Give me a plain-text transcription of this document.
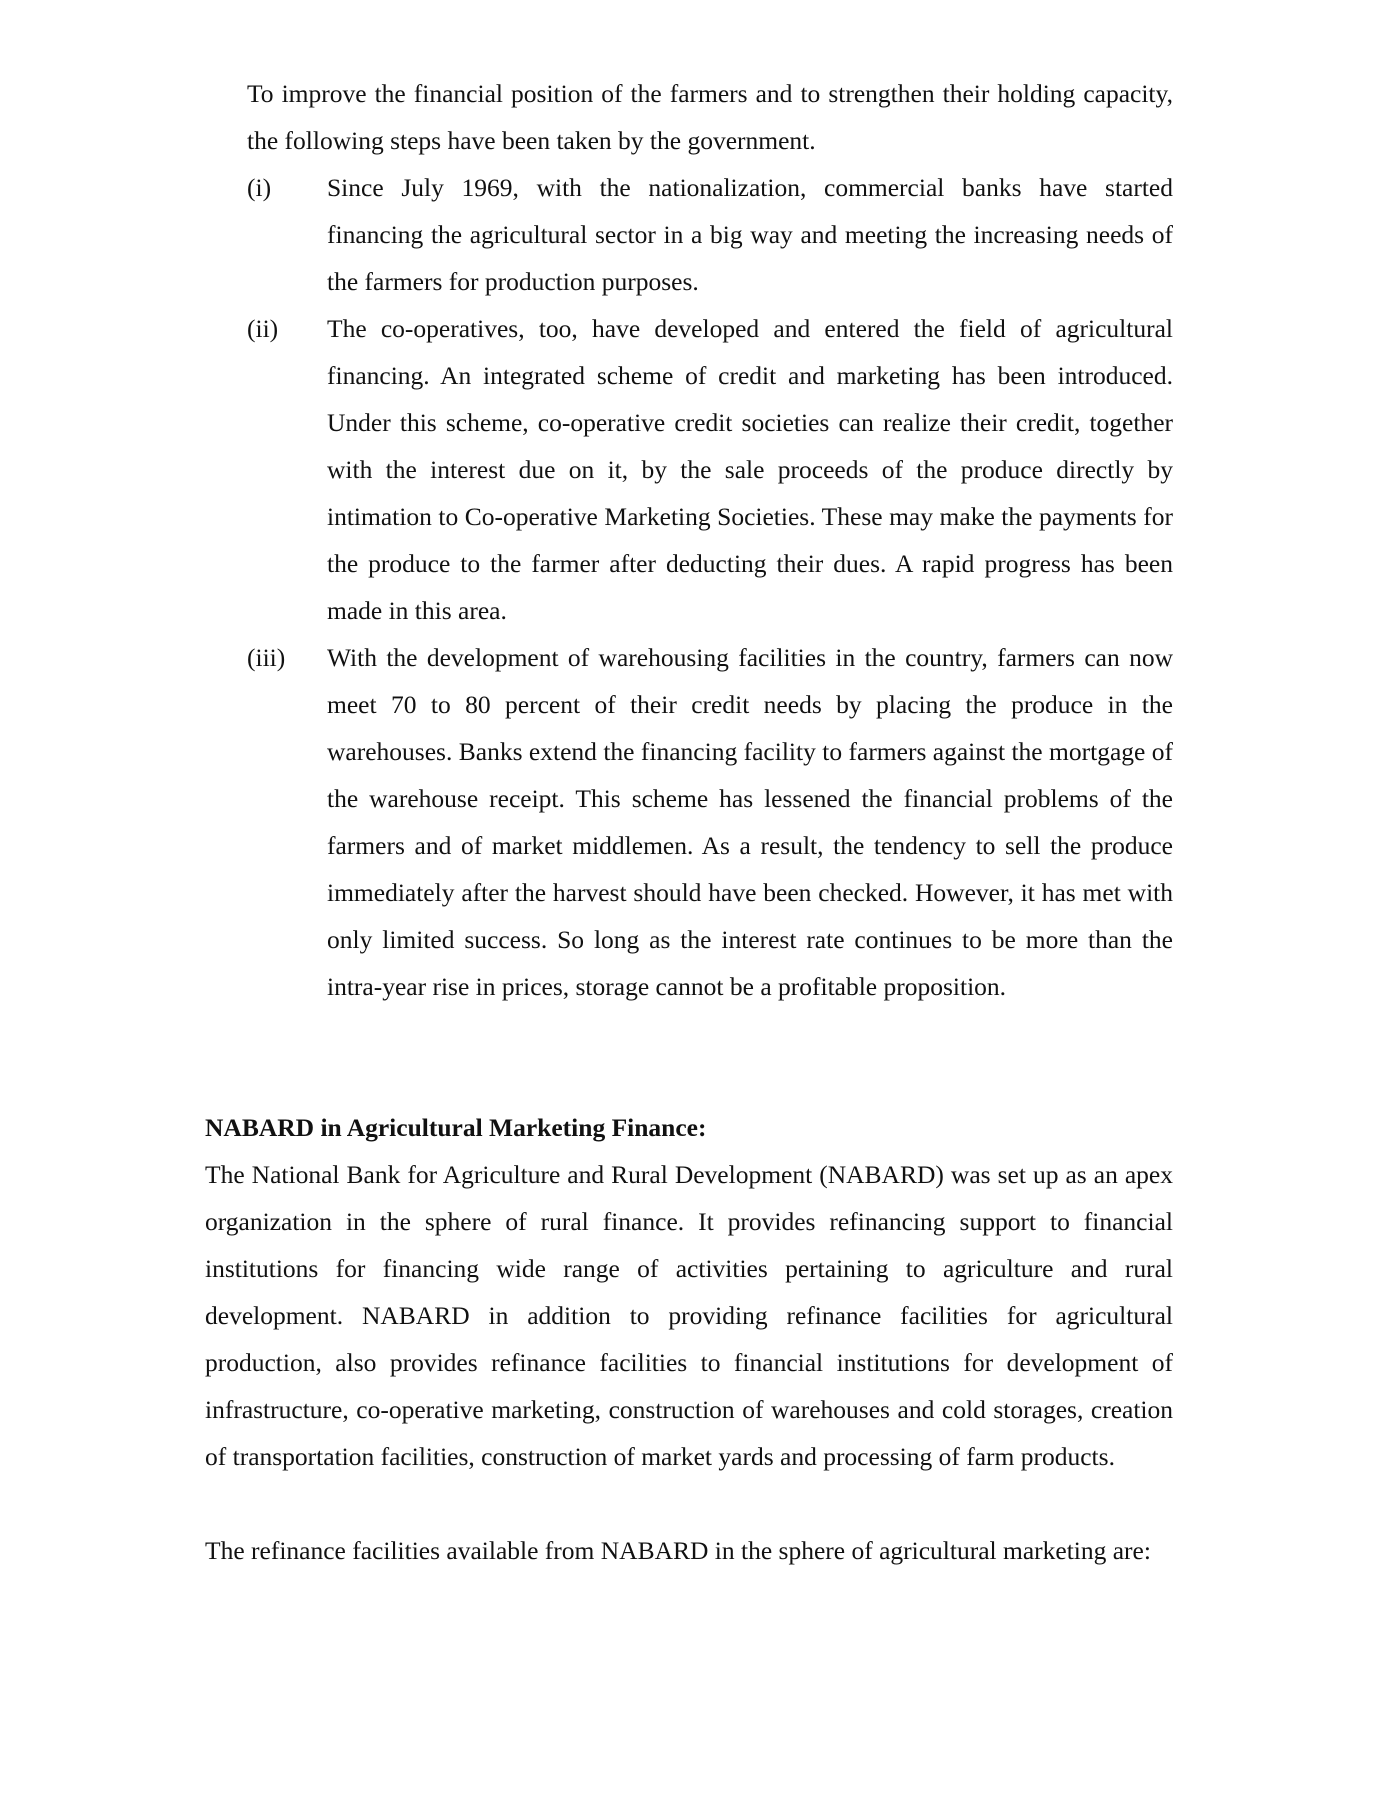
To improve the financial position of the farmers and to strengthen their holding capacity, the following steps have been taken by the government.

(i)	Since July 1969, with the nationalization, commercial banks have started financing the agricultural sector in a big way and meeting the increasing needs of the farmers for production purposes.
(ii)	The co-operatives, too, have developed and entered the field of agricultural financing. An integrated scheme of credit and marketing has been introduced. Under this scheme, co-operative credit societies can realize their credit, together with the interest due on it, by the sale proceeds of the produce directly by intimation to Co-operative Marketing Societies. These may make the payments for the produce to the farmer after deducting their dues. A rapid progress has been made in this area.
(iii)	With the development of warehousing facilities in the country, farmers can now meet 70 to 80 percent of their credit needs by placing the produce in the warehouses. Banks extend the financing facility to farmers against the mortgage of the warehouse receipt. This scheme has lessened the financial problems of the farmers and of market middlemen. As a result, the tendency to sell the produce immediately after the harvest should have been checked. However, it has met with only limited success. So long as the interest rate continues to be more than the intra-year rise in prices, storage cannot be a profitable proposition.
NABARD in Agricultural Marketing Finance:

The National Bank for Agriculture and Rural Development (NABARD) was set up as an apex organization in the sphere of rural finance. It provides refinancing support to financial institutions for financing wide range of activities pertaining to agriculture and rural development. NABARD in addition to providing refinance facilities for agricultural production, also provides refinance facilities to financial institutions for development of infrastructure, co-operative marketing, construction of warehouses and cold storages, creation of transportation facilities, construction of market yards and processing of farm products.

The refinance facilities available from NABARD in the sphere of agricultural marketing are:
